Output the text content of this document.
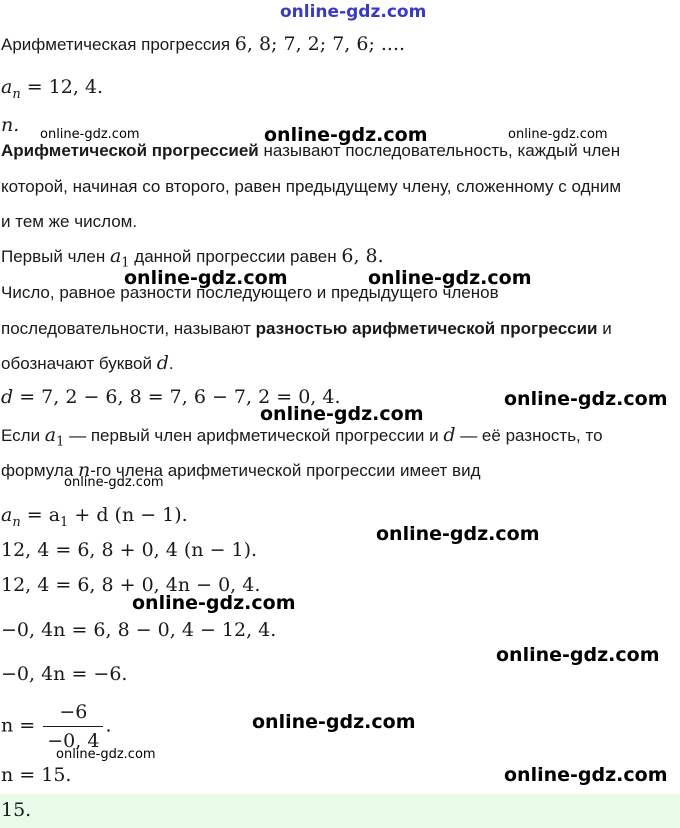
online-gdz.com
Арифметическая прогрессия 6, 8; 7, 2; 7, 6; ....
$a_n = 12$, 4.
n.
Арифметической прогрессией называют последовательность, каждый член
которой, начиная со второго, равен предыдущему члену, сложенному с одним
и тем же числом.
Первый член $a_1$ данной прогрессии равен 6, 8.
Число, равное разности последующего и предыдущего членов
последовательности, называют разностью арифметической прогрессии и
обозначают буквой d.
d = 7, 2 − 6, 8 = 7, 6 − 7, 2 = 0, 4.
Если $a_1$ — первый член арифметической прогрессии и d — её разность, то
формула n-го члена арифметической прогрессии имеет вид
$a_n = a_1 + d$ (n − 1).
12, 4 = 6, 8 + 0, 4 (n − 1).
12, 4 = 6, 8 + 0, 4n − 0, 4.
−0, 4n = 6, 8 − 0, 4 − 12, 4.
−0, 4n = −6.
$n = \frac{-6}{-0, 4}$ .
n = 15.
15.
online-gdz.com	online-gdz.com	online-gdz.com
online-gdz.com	online-gdz.com
online-gdz.com
online-gdz.com
online-gdz.com
online-gdz.com
online-gdz.com
online-gdz.com
online-gdz.com
online-gdz.com
online-gdz.com
